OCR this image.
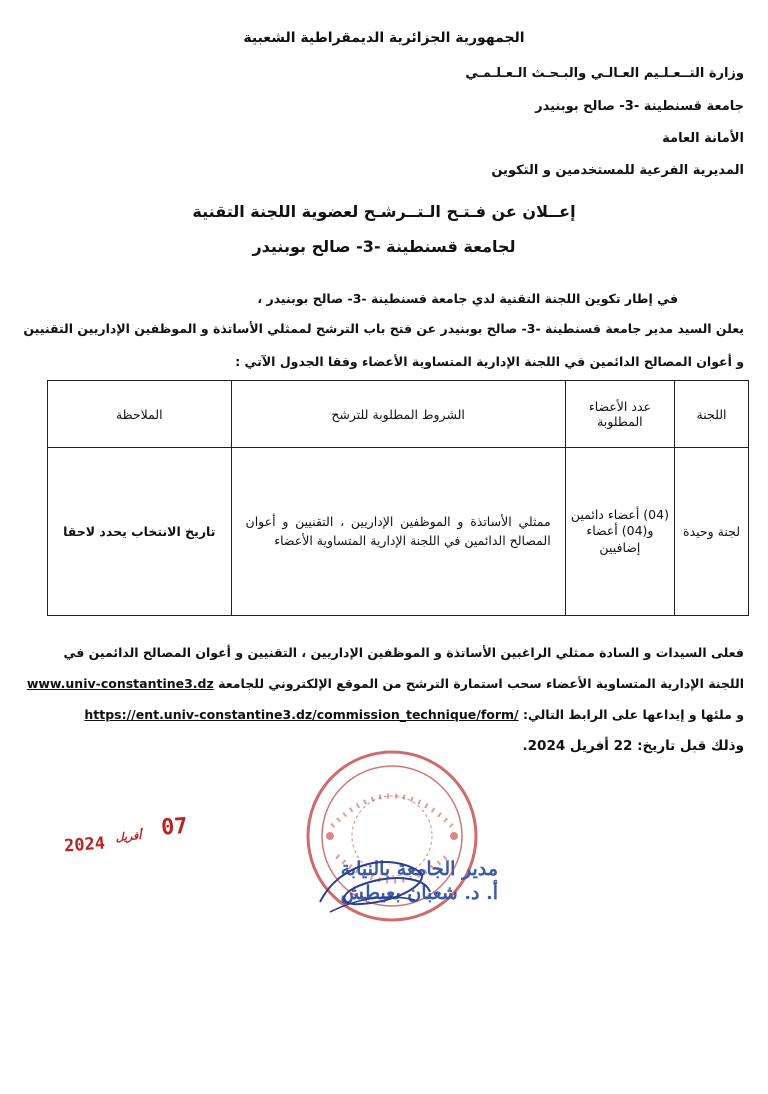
الجمهورية الجزائرية الديمقراطية الشعبية
وزارة التــعـلـيم العـالـي والبـحـث الـعـلـمـي
جامعة قسنطينة -3- صالح بوبنيدر
الأمانة العامة
المديرية الفرعية للمستخدمين و التكوين
إعــلان عن فـتـح الـتــرشـح لعضوية اللجنة التقنية
لجامعة قسنطينة -3- صالح بوبنيدر
في إطار تكوين اللجنة التقنية لدي جامعة قسنطينة -3- صالح بوبنيدر ،
يعلن السيد مدير جامعة قسنطينة -3- صالح بوبنيدر عن فتح باب الترشح لممثلي الأساتذة و الموظفين الإداريين التقنيين
و أعوان المصالح الدائمين في اللجنة الإدارية المتساوية الأعضاء وفقا الجدول الآتي :
اللجنة	عدد الأعضاء المطلوبة	الشروط المطلوبة للترشح	الملاحظة
لجنة وحيدة	(04) أعضاء دائمين و(04) أعضاء إضافيين	ممثلي الأساتذة و الموظفين الإداريين ، التقنيين و أعوان المصالح الدائمين في اللجنة الإدارية المتساوية الأعضاء	تاريخ الانتخاب يحدد لاحقا
فعلى السيدات و السادة ممثلي الراغبين الأساتذة و الموظفين الإداريين ، التقنيين و أعوان المصالح الدائمين في
اللجنة الإدارية المتساوية الأعضاء سحب استمارة الترشح من الموقع الإلكتروني للجامعة www.univ-constantine3.dz
و ملئها و إيداعها على الرابط التالي: https://ent.univ-constantine3.dz/commission_technique/form/
وذلك قبل تاريخ: 22 أفريل 2024.
2024 أفريل 07
مدير الجامعة بالنيابة
أ. د. شعبان بعيطش
